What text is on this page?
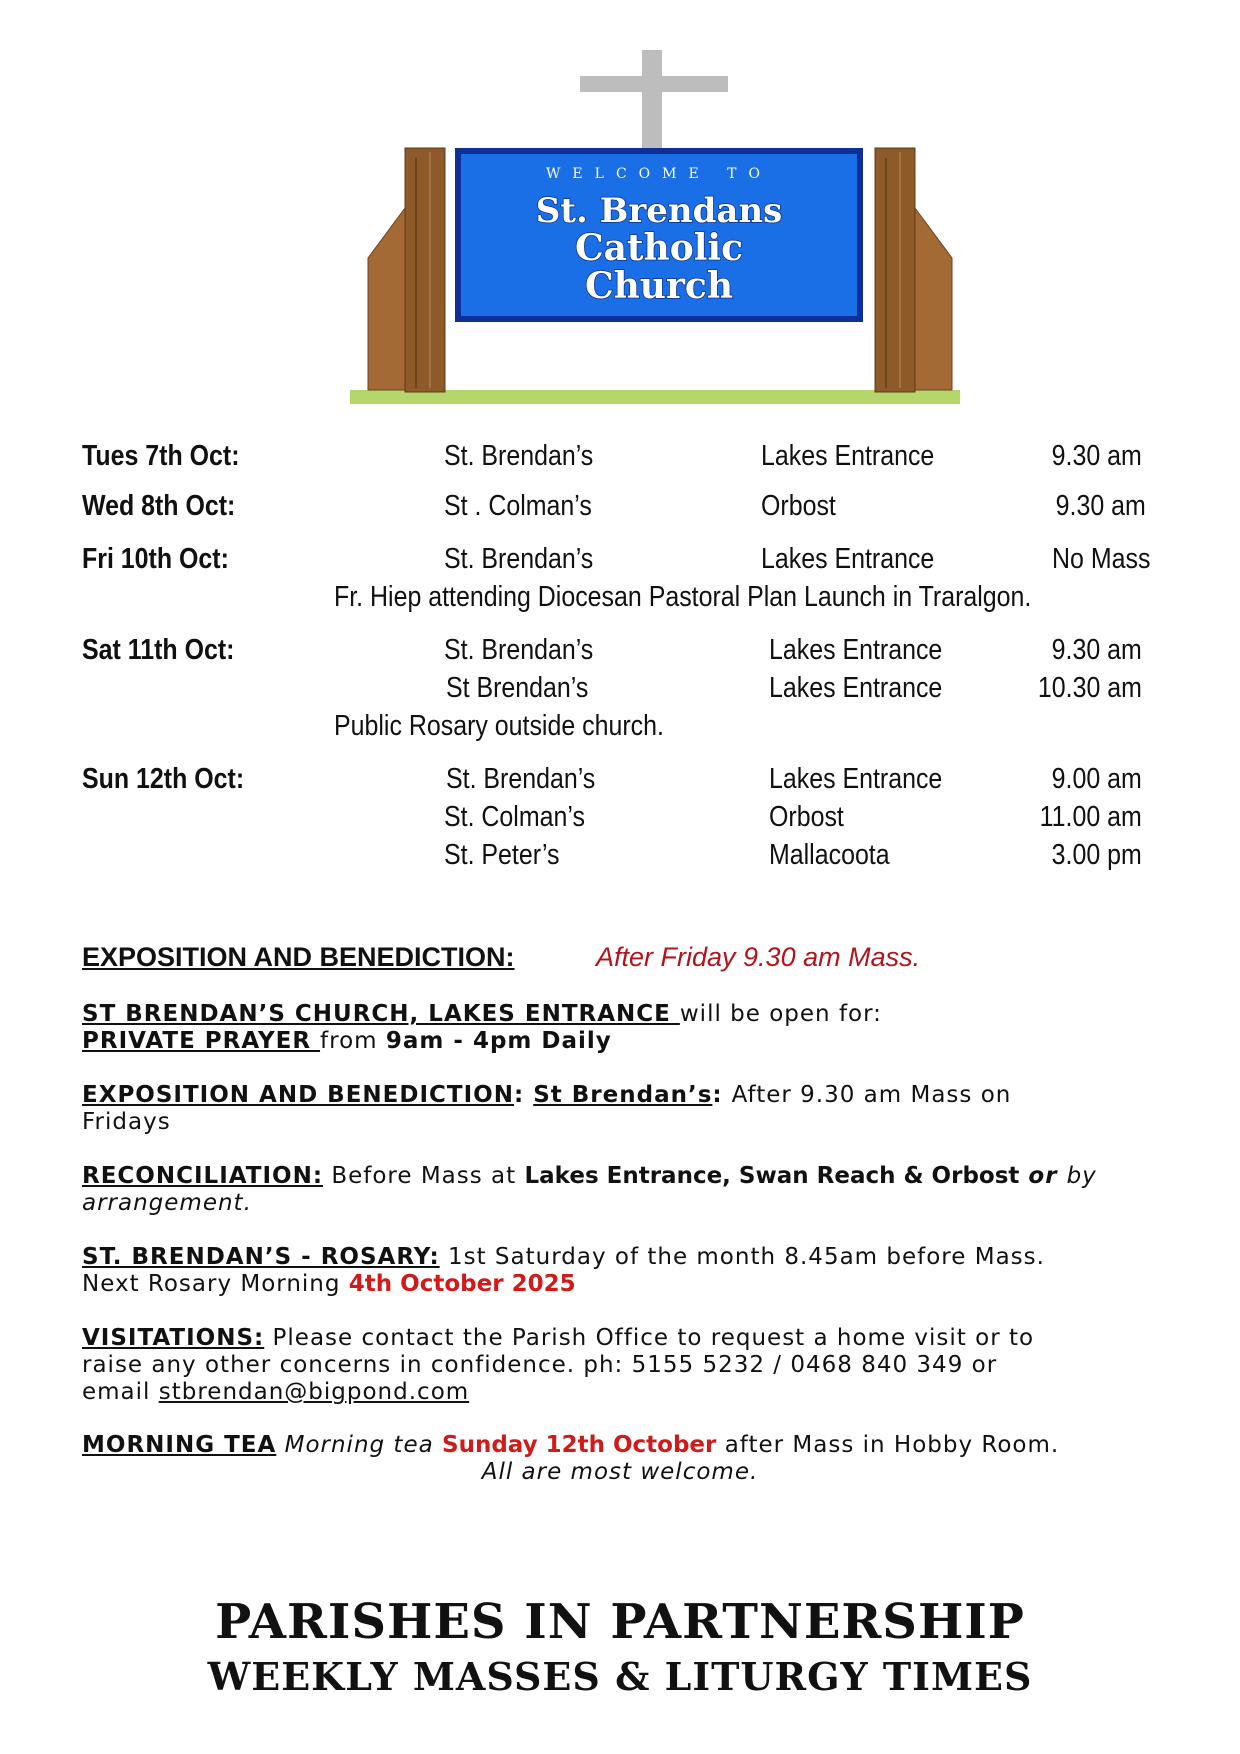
WELCOME TO
St. Brendans
Catholic
Church
Tues 7th Oct:	St. Brendan’s	Lakes Entrance	9.30 am
Wed 8th Oct:	St . Colman’s	Orbost	9.30 am
Fri 10th Oct:	St. Brendan’s	Lakes Entrance	No Mass
Fr. Hiep attending Diocesan Pastoral Plan Launch in Traralgon.
Sat 11th Oct:	St. Brendan’s	Lakes Entrance	9.30 am
St Brendan’s	Lakes Entrance	10.30 am
Public Rosary outside church.
Sun 12th Oct:	St. Brendan’s	Lakes Entrance	9.00 am
St. Colman’s	Orbost	11.00 am
St. Peter’s	Mallacoota	3.00 pm
EXPOSITION AND BENEDICTION:	After Friday 9.30 am Mass.
ST BRENDAN’S CHURCH, LAKES ENTRANCE will be open for:
PRIVATE PRAYER from 9am - 4pm Daily
EXPOSITION AND BENEDICTION: St Brendan’s: After 9.30 am Mass on
Fridays
RECONCILIATION: Before Mass at Lakes Entrance, Swan Reach & Orbost or by
arrangement.
ST. BRENDAN’S - ROSARY: 1st Saturday of the month 8.45am before Mass.
Next Rosary Morning 4th October 2025
VISITATIONS: Please contact the Parish Office to request a home visit or to
raise any other concerns in confidence. ph: 5155 5232 / 0468 840 349 or
email stbrendan@bigpond.com
MORNING TEA Morning tea Sunday 12th October after Mass in Hobby Room.
All are most welcome.
PARISHES IN PARTNERSHIP
WEEKLY MASSES & LITURGY TIMES
